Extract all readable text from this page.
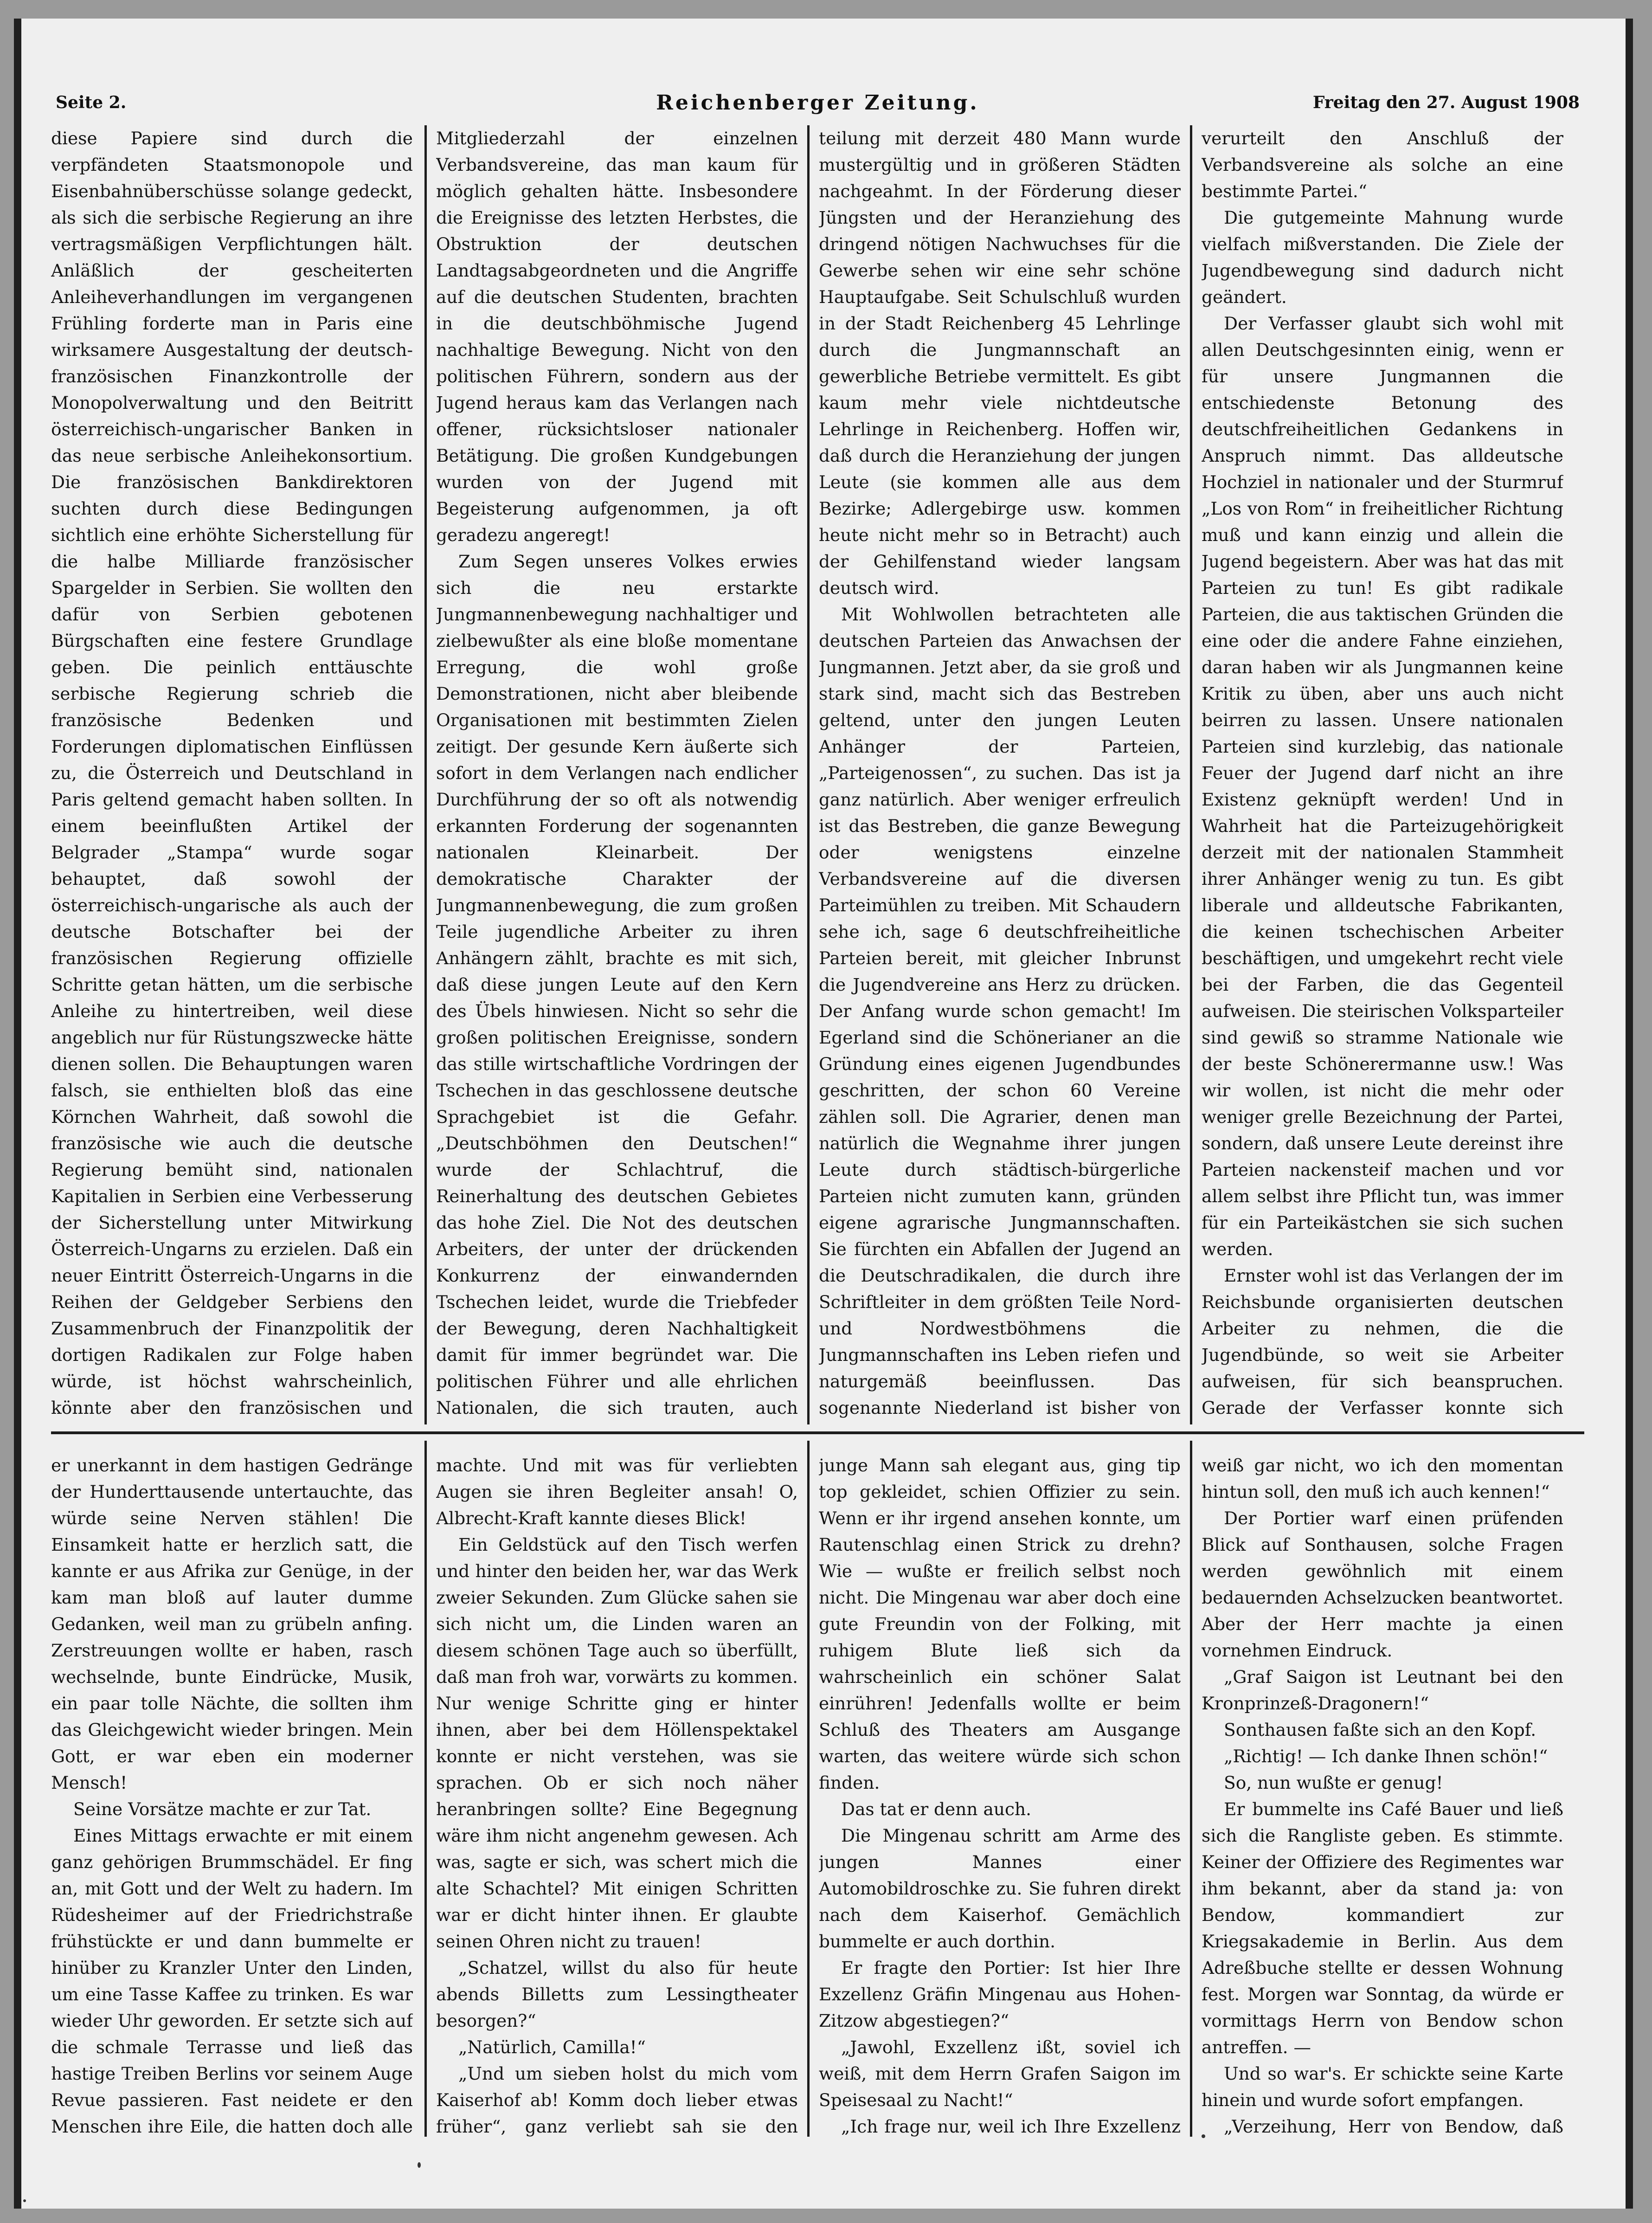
Seite 2.	Reichenberger Zeitung.	Freitag den 27. August 1908

diese Papiere sind durch die verpfändeten Staatsmonopole und Eisenbahnüberschüsse solange gedeckt, als sich die serbische Regierung an ihre vertragsmäßigen Verpflichtungen hält. Anläßlich der gescheiterten Anleiheverhandlungen im vergangenen Frühling forderte man in Paris eine wirksamere Ausgestaltung der deutsch-französischen Finanzkontrolle der Monopolverwaltung und den Beitritt österreichisch-ungarischer Banken in das neue serbische Anleihekonsortium. Die französischen Bankdirektoren suchten durch diese Bedingungen sichtlich eine erhöhte Sicherstellung für die halbe Milliarde französischer Spargelder in Serbien. Sie wollten den dafür von Serbien gebotenen Bürgschaften eine festere Grundlage geben. Die peinlich enttäuschte serbische Regierung schrieb die französische Bedenken und Forderungen diplomatischen Einflüssen zu, die Österreich und Deutschland in Paris geltend gemacht haben sollten. In einem beeinflußten Artikel der Belgrader „Stampa“ wurde sogar behauptet, daß sowohl der österreichisch-ungarische als auch der deutsche Botschafter bei der französischen Regierung offizielle Schritte getan hätten, um die serbische Anleihe zu hintertreiben, weil diese angeblich nur für Rüstungszwecke hätte dienen sollen. Die Behauptungen waren falsch, sie enthielten bloß das eine Körnchen Wahrheit, daß sowohl die französische wie auch die deutsche Regierung bemüht sind, nationalen Kapitalien in Serbien eine Verbesserung der Sicherstellung unter Mitwirkung Österreich-Ungarns zu erzielen. Daß ein neuer Eintritt Österreich-Ungarns in die Reihen der Geldgeber Serbiens den Zusammenbruch der Finanzpolitik der dortigen Radikalen zur Folge haben würde, ist höchst wahrscheinlich, könnte aber den französischen und

Mitgliederzahl der einzelnen Verbandsvereine, das man kaum für möglich gehalten hätte. Insbesondere die Ereignisse des letzten Herbstes, die Obstruktion der deutschen Landtagsabgeordneten und die Angriffe auf die deutschen Studenten, brachten in die deutschböhmische Jugend nachhaltige Bewegung. Nicht von den politischen Führern, sondern aus der Jugend heraus kam das Verlangen nach offener, rücksichtsloser nationaler Betätigung. Die großen Kundgebungen wurden von der Jugend mit Begeisterung aufgenommen, ja oft geradezu angeregt!

Zum Segen unseres Volkes erwies sich die neu erstarkte Jungmannenbewegung nachhaltiger und zielbewußter als eine bloße momentane Erregung, die wohl große Demonstrationen, nicht aber bleibende Organisationen mit bestimmten Zielen zeitigt. Der gesunde Kern äußerte sich sofort in dem Verlangen nach endlicher Durchführung der so oft als notwendig erkannten Forderung der sogenannten nationalen Kleinarbeit. Der demokratische Charakter der Jungmannenbewegung, die zum großen Teile jugendliche Arbeiter zu ihren Anhängern zählt, brachte es mit sich, daß diese jungen Leute auf den Kern des Übels hinwiesen. Nicht so sehr die großen politischen Ereignisse, sondern das stille wirtschaftliche Vordringen der Tschechen in das geschlossene deutsche Sprachgebiet ist die Gefahr. „Deutschböhmen den Deutschen!“ wurde der Schlachtruf, die Reinerhaltung des deutschen Gebietes das hohe Ziel. Die Not des deutschen Arbeiters, der unter der drückenden Konkurrenz der einwandernden Tschechen leidet, wurde die Triebfeder der Bewegung, deren Nachhaltigkeit damit für immer begründet war. Die politischen Führer und alle ehrlichen Nationalen, die sich trauten, auch

teilung mit derzeit 480 Mann wurde mustergültig und in größeren Städten nachgeahmt. In der Förderung dieser Jüngsten und der Heranziehung des dringend nötigen Nachwuchses für die Gewerbe sehen wir eine sehr schöne Hauptaufgabe. Seit Schulschluß wurden in der Stadt Reichenberg 45 Lehrlinge durch die Jungmannschaft an gewerbliche Betriebe vermittelt. Es gibt kaum mehr viele nichtdeutsche Lehrlinge in Reichenberg. Hoffen wir, daß durch die Heranziehung der jungen Leute (sie kommen alle aus dem Bezirke; Adlergebirge usw. kommen heute nicht mehr so in Betracht) auch der Gehilfenstand wieder langsam deutsch wird.

Mit Wohlwollen betrachteten alle deutschen Parteien das Anwachsen der Jungmannen. Jetzt aber, da sie groß und stark sind, macht sich das Bestreben geltend, unter den jungen Leuten Anhänger der Parteien, „Parteigenossen“, zu suchen. Das ist ja ganz natürlich. Aber weniger erfreulich ist das Bestreben, die ganze Bewegung oder wenigstens einzelne Verbandsvereine auf die diversen Parteimühlen zu treiben. Mit Schaudern sehe ich, sage 6 deutschfreiheitliche Parteien bereit, mit gleicher Inbrunst die Jugendvereine ans Herz zu drücken. Der Anfang wurde schon gemacht! Im Egerland sind die Schönerianer an die Gründung eines eigenen Jugendbundes geschritten, der schon 60 Vereine zählen soll. Die Agrarier, denen man natürlich die Wegnahme ihrer jungen Leute durch städtisch-bürgerliche Parteien nicht zumuten kann, gründen eigene agrarische Jungmannschaften. Sie fürchten ein Abfallen der Jugend an die Deutschradikalen, die durch ihre Schriftleiter in dem größten Teile Nord- und Nordwestböhmens die Jungmannschaften ins Leben riefen und naturgemäß beeinflussen. Das sogenannte Niederland ist bisher von

verurteilt den Anschluß der Verbandsvereine als solche an eine bestimmte Partei.“

Die gutgemeinte Mahnung wurde vielfach mißverstanden. Die Ziele der Jugendbewegung sind dadurch nicht geändert.

Der Verfasser glaubt sich wohl mit allen Deutschgesinnten einig, wenn er für unsere Jungmannen die entschiedenste Betonung des deutschfreiheitlichen Gedankens in Anspruch nimmt. Das alldeutsche Hochziel in nationaler und der Sturmruf „Los von Rom“ in freiheitlicher Richtung muß und kann einzig und allein die Jugend begeistern. Aber was hat das mit Parteien zu tun! Es gibt radikale Parteien, die aus taktischen Gründen die eine oder die andere Fahne einziehen, daran haben wir als Jungmannen keine Kritik zu üben, aber uns auch nicht beirren zu lassen. Unsere nationalen Parteien sind kurzlebig, das nationale Feuer der Jugend darf nicht an ihre Existenz geknüpft werden! Und in Wahrheit hat die Parteizugehörigkeit derzeit mit der nationalen Stammheit ihrer Anhänger wenig zu tun. Es gibt liberale und alldeutsche Fabrikanten, die keinen tschechischen Arbeiter beschäftigen, und umgekehrt recht viele bei der Farben, die das Gegenteil aufweisen. Die steirischen Volksparteiler sind gewiß so stramme Nationale wie der beste Schönerermanne usw.! Was wir wollen, ist nicht die mehr oder weniger grelle Bezeichnung der Partei, sondern, daß unsere Leute dereinst ihre Parteien nackensteif machen und vor allem selbst ihre Pflicht tun, was immer für ein Parteikästchen sie sich suchen werden.

Ernster wohl ist das Verlangen der im Reichsbunde organisierten deutschen Arbeiter zu nehmen, die die Jugendbünde, so weit sie Arbeiter aufweisen, für sich beanspruchen. Gerade der Verfasser konnte sich

er unerkannt in dem hastigen Gedränge der Hunderttausende untertauchte, das würde seine Nerven stählen! Die Einsamkeit hatte er herzlich satt, die kannte er aus Afrika zur Genüge, in der kam man bloß auf lauter dumme Gedanken, weil man zu grübeln anfing. Zerstreuungen wollte er haben, rasch wechselnde, bunte Eindrücke, Musik, ein paar tolle Nächte, die sollten ihm das Gleichgewicht wieder bringen. Mein Gott, er war eben ein moderner Mensch!

Seine Vorsätze machte er zur Tat.

Eines Mittags erwachte er mit einem ganz gehörigen Brummschädel. Er fing an, mit Gott und der Welt zu hadern. Im Rüdesheimer auf der Friedrichstraße frühstückte er und dann bummelte er hinüber zu Kranzler Unter den Linden, um eine Tasse Kaffee zu trinken. Es war wieder Uhr geworden. Er setzte sich auf die schmale Terrasse und ließ das hastige Treiben Berlins vor seinem Auge Revue passieren. Fast neidete er den Menschen ihre Eile, die hatten doch alle

machte. Und mit was für verliebten Augen sie ihren Begleiter ansah! O, Albrecht-Kraft kannte dieses Blick!

Ein Geldstück auf den Tisch werfen und hinter den beiden her, war das Werk zweier Sekunden. Zum Glücke sahen sie sich nicht um, die Linden waren an diesem schönen Tage auch so überfüllt, daß man froh war, vorwärts zu kommen. Nur wenige Schritte ging er hinter ihnen, aber bei dem Höllenspektakel konnte er nicht verstehen, was sie sprachen. Ob er sich noch näher heranbringen sollte? Eine Begegnung wäre ihm nicht angenehm gewesen. Ach was, sagte er sich, was schert mich die alte Schachtel? Mit einigen Schritten war er dicht hinter ihnen. Er glaubte seinen Ohren nicht zu trauen!

„Schatzel, willst du also für heute abends Billetts zum Lessingtheater besorgen?“

„Natürlich, Camilla!“

„Und um sieben holst du mich vom Kaiserhof ab! Komm doch lieber etwas früher“, ganz verliebt sah sie den

junge Mann sah elegant aus, ging tip top gekleidet, schien Offizier zu sein. Wenn er ihr irgend ansehen konnte, um Rautenschlag einen Strick zu drehn? Wie — wußte er freilich selbst noch nicht. Die Mingenau war aber doch eine gute Freundin von der Folking, mit ruhigem Blute ließ sich da wahrscheinlich ein schöner Salat einrühren! Jedenfalls wollte er beim Schluß des Theaters am Ausgange warten, das weitere würde sich schon finden.

Das tat er denn auch.

Die Mingenau schritt am Arme des jungen Mannes einer Automobildroschke zu. Sie fuhren direkt nach dem Kaiserhof. Gemächlich bummelte er auch dorthin.

Er fragte den Portier: Ist hier Ihre Exzellenz Gräfin Mingenau aus Hohen-Zitzow abgestiegen?“

„Jawohl, Exzellenz ißt, soviel ich weiß, mit dem Herrn Grafen Saigon im Speisesaal zu Nacht!“

„Ich frage nur, weil ich Ihre Exzellenz

weiß gar nicht, wo ich den momentan hintun soll, den muß ich auch kennen!“

Der Portier warf einen prüfenden Blick auf Sonthausen, solche Fragen werden gewöhnlich mit einem bedauernden Achselzucken beantwortet. Aber der Herr machte ja einen vornehmen Eindruck.

„Graf Saigon ist Leutnant bei den Kronprinzeß-Dragonern!“

Sonthausen faßte sich an den Kopf.

„Richtig! — Ich danke Ihnen schön!“

So, nun wußte er genug!

Er bummelte ins Café Bauer und ließ sich die Rangliste geben. Es stimmte. Keiner der Offiziere des Regimentes war ihm bekannt, aber da stand ja: von Bendow, kommandiert zur Kriegsakademie in Berlin. Aus dem Adreßbuche stellte er dessen Wohnung fest. Morgen war Sonntag, da würde er vormittags Herrn von Bendow schon antreffen. —

Und so war's. Er schickte seine Karte hinein und wurde sofort empfangen.

„Verzeihung, Herr von Bendow, daß
